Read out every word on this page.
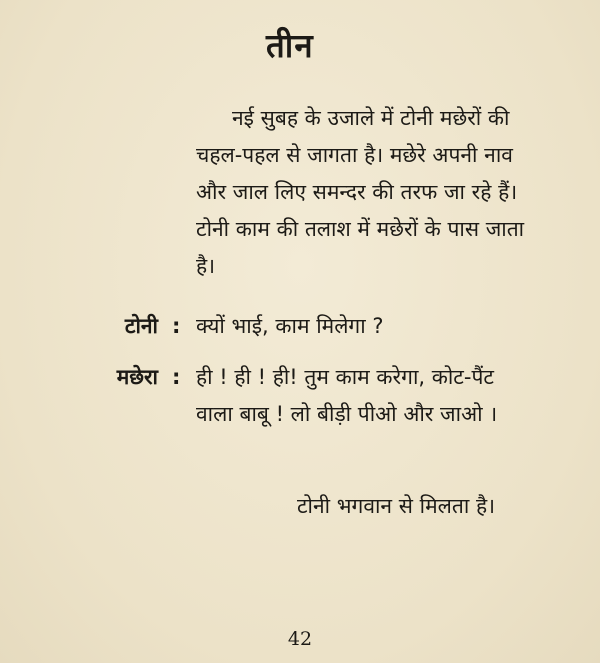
तीन
नई सुबह के उजाले में टोनी मछेरों की
चहल-पहल से जागता है। मछेरे अपनी नाव
और जाल लिए समन्दर की तरफ जा रहे हैं।
टोनी काम की तलाश में मछेरों के पास जाता
है।
टोनी : क्यों भाई, काम मिलेगा ?
मछेरा : ही ! ही ! ही! तुम काम करेगा, कोट-पैंट
वाला बाबू ! लो बीड़ी पीओ और जाओ ।
टोनी भगवान से मिलता है।
42
